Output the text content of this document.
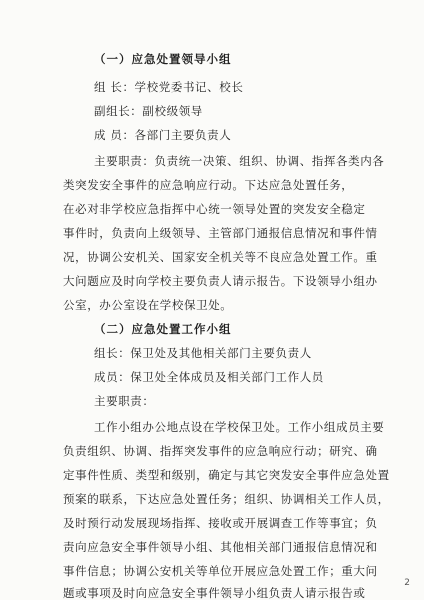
（一）应急处置领导小组
组 长：学校党委书记、校长
副组长：副校级领导
成 员：各部门主要负责人
主要职责：负责统一决策、组织、协调、指挥各类内各
类突发安全事件的应急响应行动。下达应急处置任务，
在必对非学校应急指挥中心统一领导处置的突发安全稳定
事件时，负责向上级领导、主管部门通报信息情况和事件情
况，协调公安机关、国家安全机关等不良应急处置工作。重
大问题应及时向学校主要负责人请示报告。下设领导小组办
公室，办公室设在学校保卫处。
（二）应急处置工作小组
组长：保卫处及其他相关部门主要负责人
成员：保卫处全体成员及相关部门工作人员
主要职责：
工作小组办公地点设在学校保卫处。工作小组成员主要
负责组织、协调、指挥突发事件的应急响应行动；研究、确
定事件性质、类型和级别，确定与其它突发安全事件应急处置
预案的联系，下达应急处置任务；组织、协调相关工作人员，
及时预行动发展现场指挥、接收或开展调查工作等事宜；负
责向应急安全事件领导小组、其他相关部门通报信息情况和
事件信息；协调公安机关等单位开展应急处置工作；重大问
题或事项及时向应急安全事件领导小组负责人请示报告或
2
